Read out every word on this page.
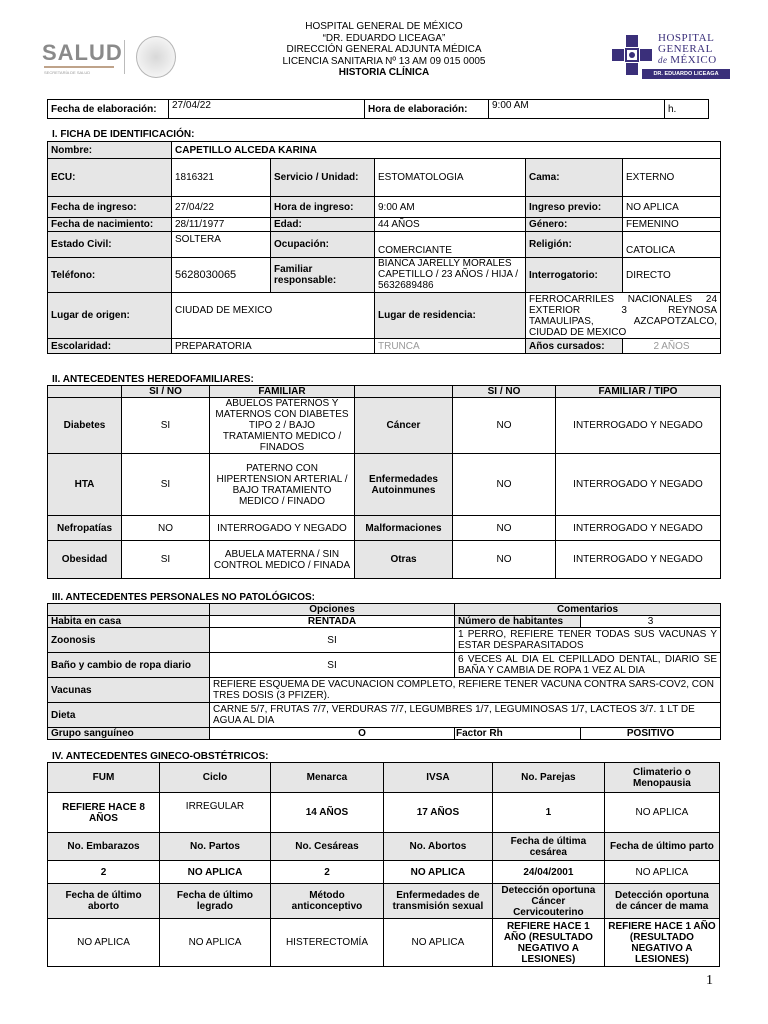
SALUD
SECRETARÍA DE SALUD
HOSPITAL GENERAL DE MÉXICO
“DR. EDUARDO LICEAGA”
DIRECCIÓN GENERAL ADJUNTA MÉDICA
LICENCIA SANITARIA Nº 13 AM 09 015 0005
HISTORIA CLÍNICA
HOSPITAL
GENERAL
de MÉXICO
DR. EDUARDO LICEAGA
Fecha de elaboración:	27/04/22	Hora de elaboración:	9:00 AM	h.
I. FICHA DE IDENTIFICACIÓN:
Nombre:	CAPETILLO ALCEDA KARINA				
ECU:	1816321	Servicio / Unidad:	ESTOMATOLOGIA	Cama:	EXTERNO
Fecha de ingreso:	27/04/22	Hora de ingreso:	9:00 AM	Ingreso previo:	NO APLICA
Fecha de nacimiento:	28/11/1977	Edad:	44 AÑOS	Género:	FEMENINO
Estado Civil:	SOLTERA	Ocupación:	COMERCIANTE	Religión:	CATOLICA
Teléfono:	5628030065	Familiar responsable:	BIANCA JARELLY MORALES CAPETILLO / 23 AÑOS / HIJA / 5632689486	Interrogatorio:	DIRECTO
Lugar de origen:	CIUDAD DE MEXICO		Lugar de residencia:	FERROCARRILES NACIONALES 24
EXTERIOR 3 REYNOSA
TAMAULIPAS, AZCAPOTZALCO,
CIUDAD DE MEXICO	

Escolaridad:	PREPARATORIA		TRUNCA	Años cursados:	2 AÑOS
II. ANTECEDENTES HEREDOFAMILIARES:
	SI / NO	FAMILIAR		SI / NO	FAMILIAR / TIPO
Diabetes	SI	ABUELOS PATERNOS Y MATERNOS CON DIABETES TIPO 2 / BAJO TRATAMIENTO MEDICO / FINADOS	Cáncer	NO	INTERROGADO Y NEGADO
HTA	SI	PATERNO CON HIPERTENSION ARTERIAL / BAJO TRATAMIENTO MEDICO / FINADO	Enfermedades Autoinmunes	NO	INTERROGADO Y NEGADO
Nefropatías	NO	INTERROGADO Y NEGADO	Malformaciones	NO	INTERROGADO Y NEGADO
Obesidad	SI	ABUELA MATERNA / SIN CONTROL MEDICO / FINADA	Otras	NO	INTERROGADO Y NEGADO
III. ANTECEDENTES PERSONALES NO PATOLÓGICOS:
	Opciones	Comentarios	
Habita en casa	RENTADA	Número de habitantes	3
Zoonosis	SI	1 PERRO, REFIERE TENER TODAS SUS VACUNAS Y ESTAR DESPARASITADOS	
Baño y cambio de ropa diario	SI	6 VECES AL DIA EL CEPILLADO DENTAL, DIARIO SE BAÑA Y CAMBIA DE ROPA 1 VEZ AL DIA	
Vacunas	REFIERE ESQUEMA DE VACUNACION COMPLETO, REFIERE TENER VACUNA CONTRA SARS-COV2, CON TRES DOSIS (3 PFIZER).		
Dieta	CARNE 5/7, FRUTAS 7/7, VERDURAS 7/7, LEGUMBRES 1/7, LEGUMINOSAS 1/7, LACTEOS 3/7. 1 LT DE AGUA AL DIA		
Grupo sanguíneo	O	Factor Rh	POSITIVO
IV. ANTECEDENTES GINECO-OBSTÉTRICOS:
FUM	Ciclo	Menarca	IVSA	No. Parejas	Climaterio o Menopausia
REFIERE HACE 8 AÑOS	IRREGULAR	14 AÑOS	17 AÑOS	1	NO APLICA
No. Embarazos	No. Partos	No. Cesáreas	No. Abortos	Fecha de última cesárea	Fecha de último parto
2	NO APLICA	2	NO APLICA	24/04/2001	NO APLICA
Fecha de último aborto	Fecha de último legrado	Método anticonceptivo	Enfermedades de transmisión sexual	Detección oportuna Cáncer Cervicouterino	Detección oportuna de cáncer de mama
NO APLICA	NO APLICA	HISTERECTOMÍA	NO APLICA	REFIERE HACE 1 AÑO (RESULTADO NEGATIVO A LESIONES)	REFIERE HACE 1 AÑO (RESULTADO NEGATIVO A LESIONES)
1
